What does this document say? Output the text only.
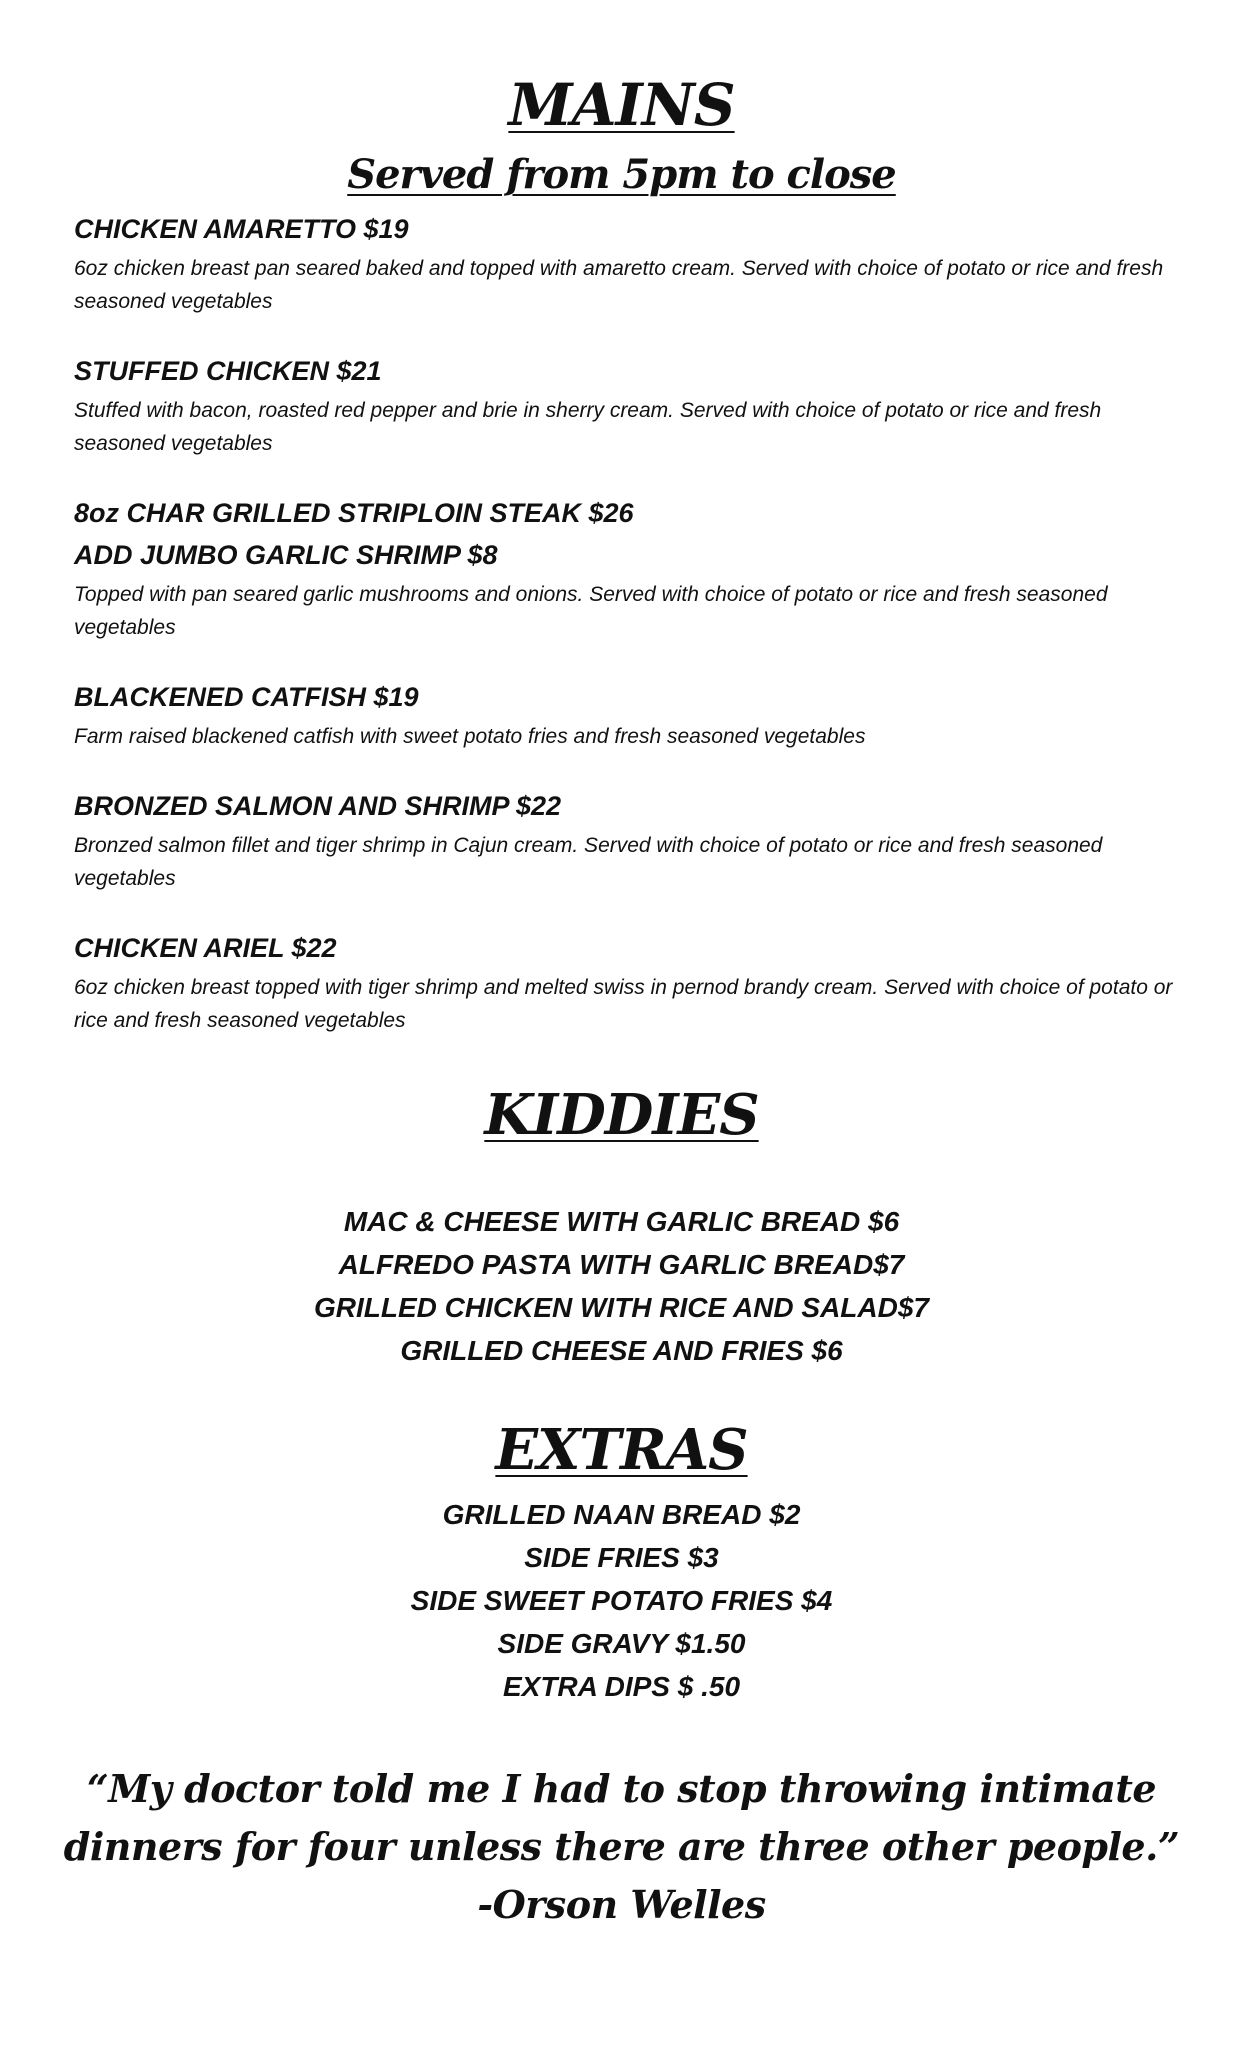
MAINS
Served from 5pm to close
CHICKEN AMARETTO $19
6oz chicken breast pan seared baked and topped with amaretto cream. Served with choice of potato or rice and fresh seasoned vegetables
STUFFED CHICKEN $21
Stuffed with bacon, roasted red pepper and brie in sherry cream. Served with choice of potato or rice and fresh seasoned vegetables
8oz CHAR GRILLED STRIPLOIN STEAK $26
ADD JUMBO GARLIC SHRIMP $8
Topped with pan seared garlic mushrooms and onions. Served with choice of potato or rice and fresh seasoned vegetables
BLACKENED CATFISH $19
Farm raised blackened catfish with sweet potato fries and fresh seasoned vegetables
BRONZED SALMON AND SHRIMP $22
Bronzed salmon fillet and tiger shrimp in Cajun cream. Served with choice of potato or rice and fresh seasoned vegetables
CHICKEN ARIEL $22
6oz chicken breast topped with tiger shrimp and melted swiss in pernod brandy cream. Served with choice of potato or rice and fresh seasoned vegetables
KIDDIES
MAC & CHEESE WITH GARLIC BREAD $6
ALFREDO PASTA WITH GARLIC BREAD$7
GRILLED CHICKEN WITH RICE AND SALAD$7
GRILLED CHEESE AND FRIES $6
EXTRAS
GRILLED NAAN BREAD $2
SIDE FRIES $3
SIDE SWEET POTATO FRIES $4
SIDE GRAVY $1.50
EXTRA DIPS $ .50
“My doctor told me I had to stop throwing intimate
dinners for four unless there are three other people.”
-Orson Welles
